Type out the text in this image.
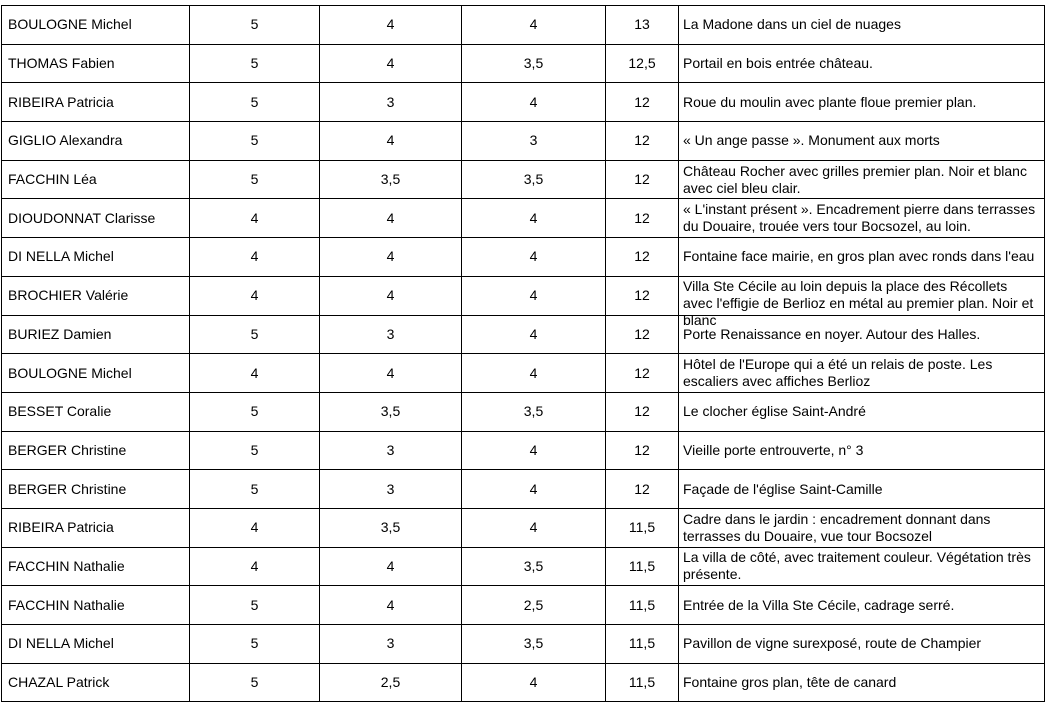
BOULOGNE Michel	5	4	4	13	La Madone dans un ciel de nuages

THOMAS Fabien	5	4	3,5	12,5	Portail en bois entrée château.

RIBEIRA Patricia	5	3	4	12	Roue du moulin avec plante floue premier plan.

GIGLIO Alexandra	5	4	3	12	« Un ange passe ». Monument aux morts

FACCHIN Léa	5	3,5	3,5	12	Château Rocher avec grilles premier plan. Noir et blanc avec ciel bleu clair.

DIOUDONNAT Clarisse	4	4	4	12	« L'instant présent ». Encadrement pierre dans terrasses du Douaire, trouée vers tour Bocsozel, au loin.

DI NELLA Michel	4	4	4	12	Fontaine face mairie, en gros plan avec ronds dans l'eau

BROCHIER Valérie	4	4	4	12	Villa Ste Cécile au loin depuis la place des Récollets avec l'effigie de Berlioz en métal au premier plan. Noir et blanc

BURIEZ Damien	5	3	4	12	Porte Renaissance en noyer. Autour des Halles.

BOULOGNE Michel	4	4	4	12	Hôtel de l'Europe qui a été un relais de poste. Les escaliers avec affiches Berlioz

BESSET Coralie	5	3,5	3,5	12	Le clocher église Saint-André

BERGER Christine	5	3	4	12	Vieille porte entrouverte, n° 3

BERGER Christine	5	3	4	12	Façade de l'église Saint-Camille

RIBEIRA Patricia	4	3,5	4	11,5	Cadre dans le jardin : encadrement donnant dans terrasses du Douaire, vue tour Bocsozel

FACCHIN Nathalie	4	4	3,5	11,5	La villa de côté, avec traitement couleur. Végétation très présente.

FACCHIN Nathalie	5	4	2,5	11,5	Entrée de la Villa Ste Cécile, cadrage serré.

DI NELLA Michel	5	3	3,5	11,5	Pavillon de vigne surexposé, route de Champier

CHAZAL Patrick	5	2,5	4	11,5	Fontaine gros plan, tête de canard
